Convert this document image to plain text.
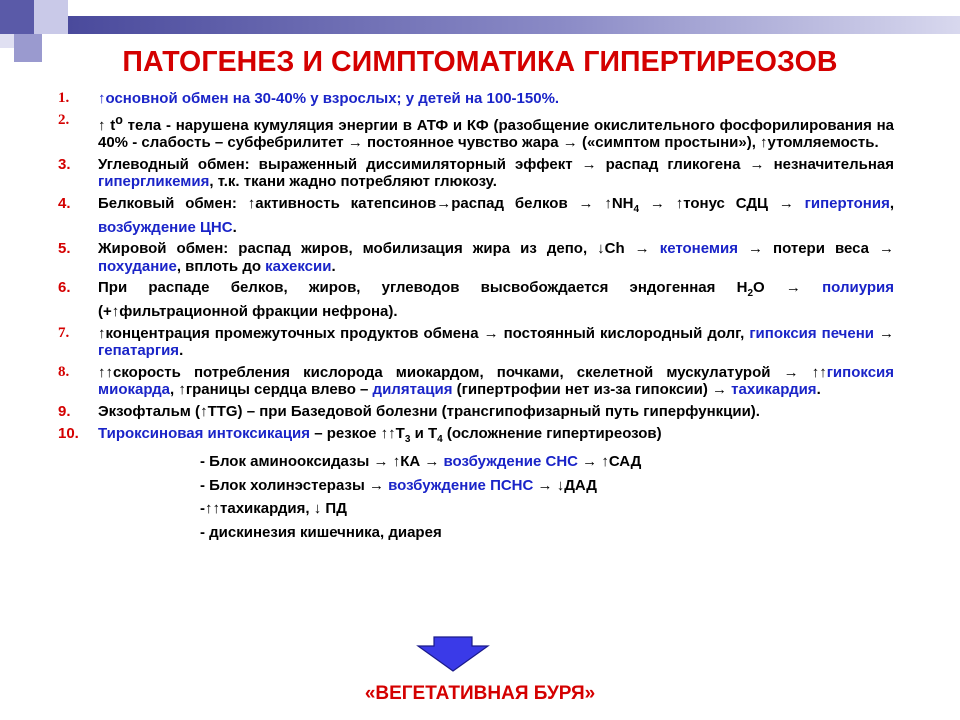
ПАТОГЕНЕЗ И СИМПТОМАТИКА ГИПЕРТИРЕОЗОВ
1.	↑основной обмен на 30-40% у взрослых; у детей на 100-150%.
2.	↑ $t^o$ тела - нарушена кумуляция энергии в АТФ и КФ (разобщение окислительного фосфорилирования на 40% - слабость – субфебрилитет → постоянное чувство жара → («симптом простыни»), ↑утомляемость.
3.	Углеводный обмен: выраженный диссимиляторный эффект → распад гликогена → незначительная гипергликемия, т.к. ткани жадно потребляют глюкозу.
4.	Белковый обмен: ↑активность катепсинов→распад белков → $↑NH_4$ → ↑тонус СДЦ → гипертония, возбуждение ЦНС.
5.	Жировой обмен: распад жиров, мобилизация жира из депо, ↓Ch → кетонемия → потери веса → похудание, вплоть до кахексии.
6.	При распаде белков, жиров, углеводов высвобождается эндогенная $H_2O$ → полиурия (+↑фильтрационной фракции нефрона).
7.	↑концентрация промежуточных продуктов обмена → постоянный кислородный долг, гипоксия печени → гепатаргия.
8.	↑↑скорость потребления кислорода миокардом, почками, скелетной мускулатурой → ↑↑гипоксия миокарда, ↑границы сердца влево – дилятация (гипертрофии нет из-за гипоксии) → тахикардия.
9.	Экзофтальм (↑TTG) – при Базедовой болезни (трансгипофизарный путь гиперфункции).
10.	Тироксиновая интоксикация – резкое $↑↑T_3$ и $T_4$ (осложнение гипертиреозов)
- Блок аминооксидазы → ↑КА → возбуждение СНС → ↑САД
- Блок холинэстеразы → возбуждение ПСНС → ↓ДАД
-↑↑тахикардия, ↓ ПД
- дискинезия кишечника, диарея
«ВЕГЕТАТИВНАЯ БУРЯ»
